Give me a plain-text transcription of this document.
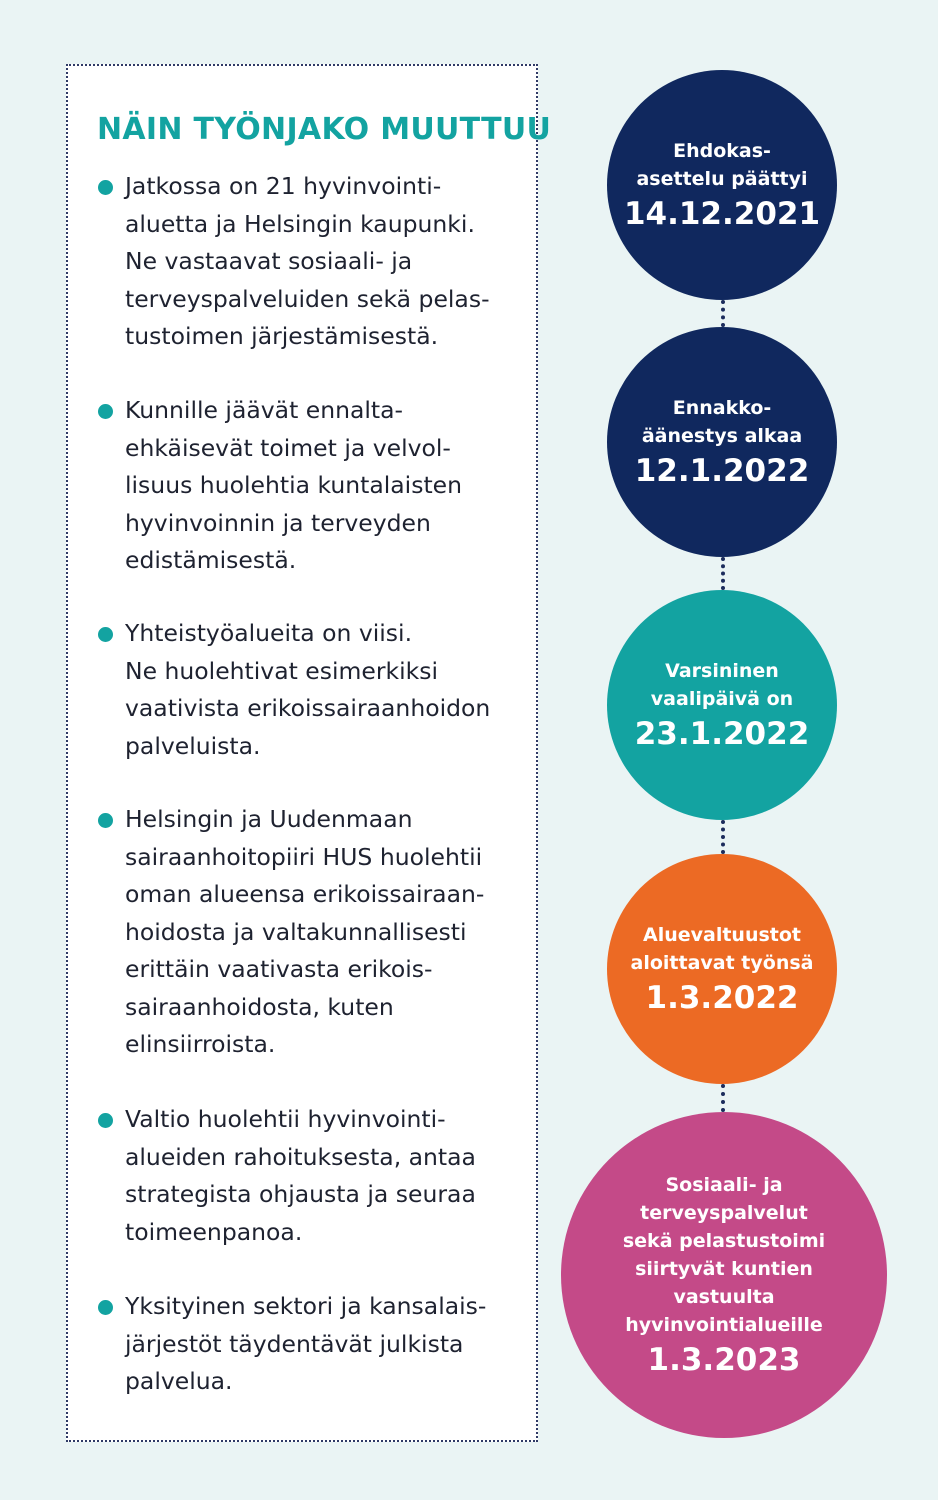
NÄIN TYÖNJAKO MUUTTUU
Jatkossa on 21 hyvinvointi-
aluetta ja Helsingin kaupunki.
Ne vastaavat sosiaali- ja
terveyspalveluiden sekä pelas-
tustoimen järjestämisestä.
Kunnille jäävät ennalta-
ehkäisevät toimet ja velvol-
lisuus huolehtia kuntalaisten
hyvinvoinnin ja terveyden
edistämisestä.
Yhteistyöalueita on viisi.
Ne huolehtivat esimerkiksi
vaativista erikoissairaanhoidon
palveluista.
Helsingin ja Uudenmaan
sairaanhoitopiiri HUS huolehtii
oman alueensa erikoissairaan-
hoidosta ja valtakunnallisesti
erittäin vaativasta erikois-
sairaanhoidosta, kuten
elinsiirroista.
Valtio huolehtii hyvinvointi-
alueiden rahoituksesta, antaa
strategista ohjausta ja seuraa
toimeenpanoa.
Yksityinen sektori ja kansalais-
järjestöt täydentävät julkista
palvelua.
Ehdokas-
asettelu päättyi
14.12.2021
Ennakko-
äänestys alkaa
12.1.2022
Varsininen
vaalipäivä on
23.1.2022
Aluevaltuustot
aloittavat työnsä
1.3.2022
Sosiaali- ja
terveyspalvelut
sekä pelastustoimi
siirtyvät kuntien
vastuulta
hyvinvointialueille
1.3.2023
